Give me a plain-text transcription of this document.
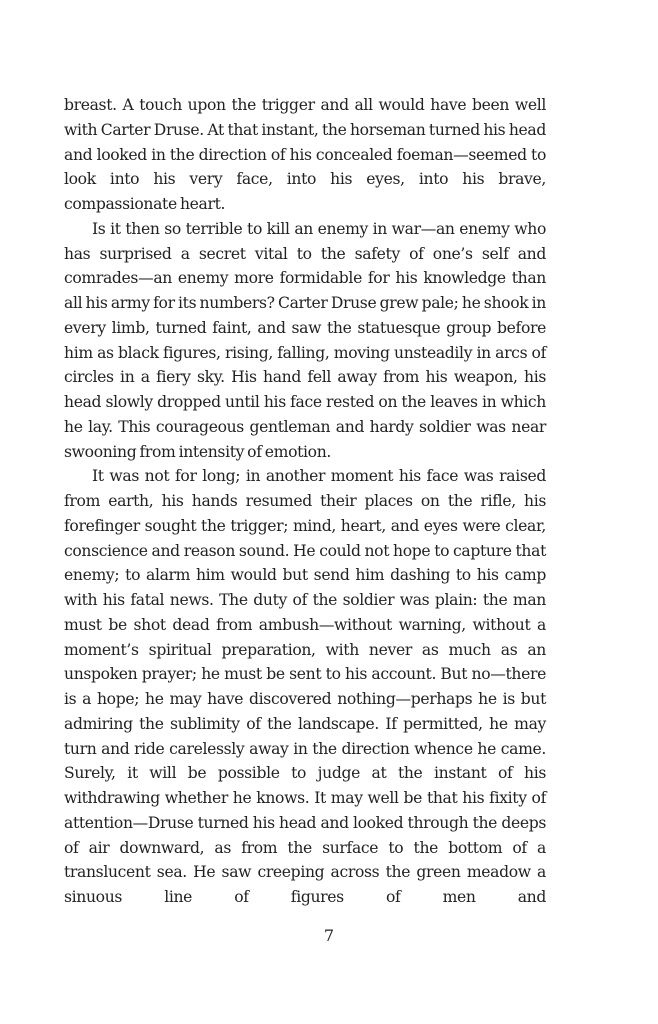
breast. A touch upon the trigger and all would have been well with Carter Druse. At that instant, the horseman turned his head and looked in the direction of his concealed foeman—seemed to look into his very face, into his eyes, into his brave, compassionate heart.

Is it then so terrible to kill an enemy in war—an enemy who has surprised a secret vital to the safety of one’s self and comrades—an enemy more formidable for his knowledge than all his army for its numbers? Carter Druse grew pale; he shook in every limb, turned faint, and saw the statuesque group before him as black figures, rising, falling, moving unsteadily in arcs of circles in a fiery sky. His hand fell away from his weapon, his head slowly dropped until his face rested on the leaves in which he lay. This courageous gentleman and hardy soldier was near swooning from intensity of emotion.

It was not for long; in another moment his face was raised from earth, his hands resumed their places on the rifle, his forefinger sought the trigger; mind, heart, and eyes were clear, conscience and reason sound. He could not hope to capture that enemy; to alarm him would but send him dashing to his camp with his fatal news. The duty of the soldier was plain: the man must be shot dead from ambush—without warning, without a moment’s spiritual preparation, with never as much as an unspoken prayer; he must be sent to his account. But no—there is a hope; he may have discovered nothing—perhaps he is but admiring the sublimity of the landscape. If permitted, he may turn and ride carelessly away in the direction whence he came. Surely, it will be possible to judge at the instant of his withdrawing whether he knows. It may well be that his fixity of attention—Druse turned his head and looked through the deeps of air downward, as from the surface to the bottom of a translucent sea. He saw creeping across the green meadow a sinuous line of figures of men and

7
